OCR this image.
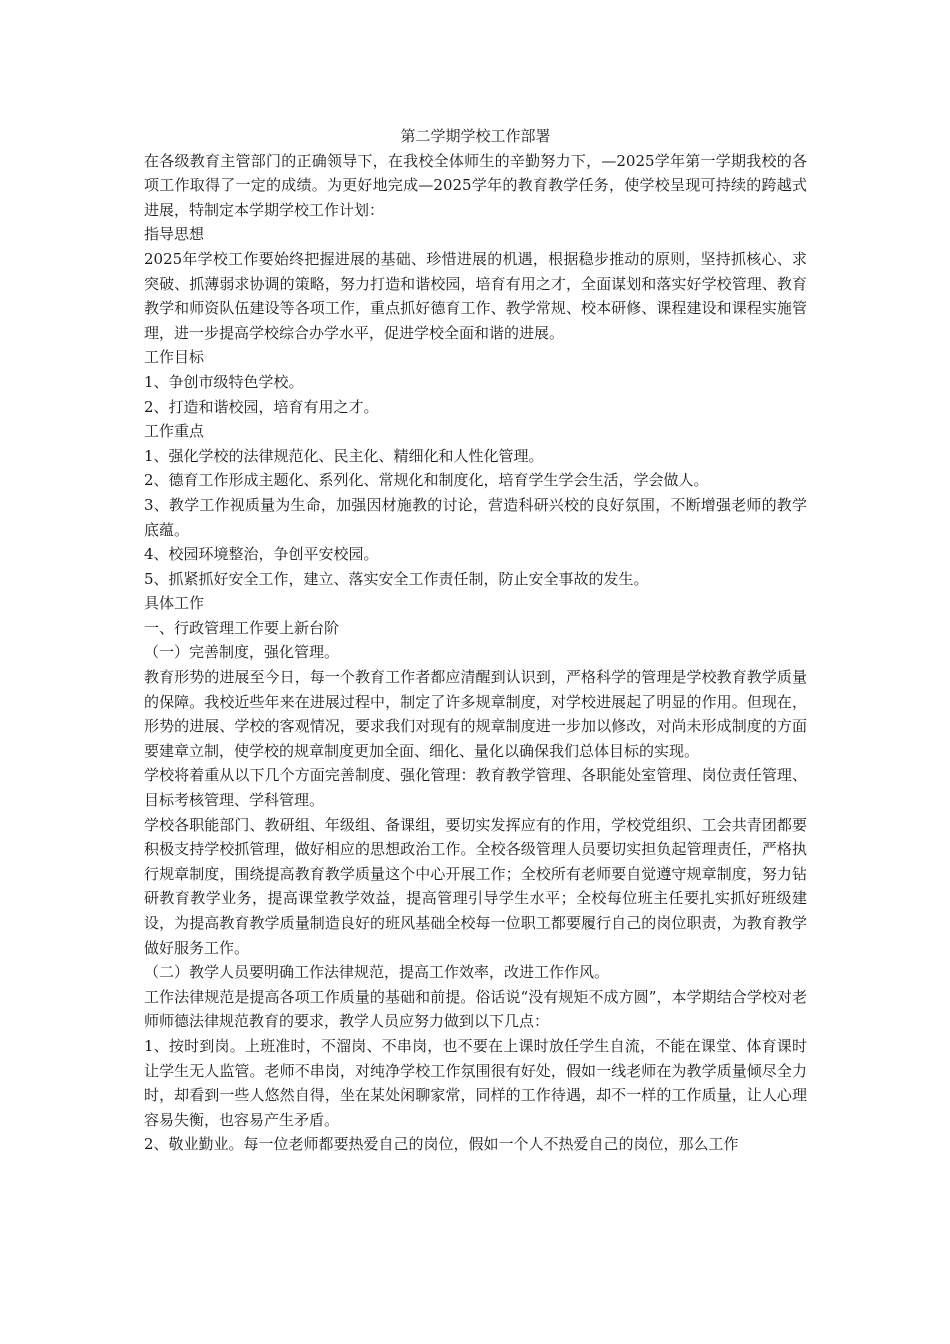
第二学期学校工作部署

在各级教育主管部门的正确领导下，在我校全体师生的辛勤努力下，—2025学年第一学期我校的各项工作取得了一定的成绩。为更好地完成—2025学年的教育教学任务，使学校呈现可持续的跨越式进展，特制定本学期学校工作计划：

指导思想

2025年学校工作要始终把握进展的基础、珍惜进展的机遇，根据稳步推动的原则，坚持抓核心、求突破、抓薄弱求协调的策略，努力打造和谐校园，培育有用之才，全面谋划和落实好学校管理、教育教学和师资队伍建设等各项工作，重点抓好德育工作、教学常规、校本研修、课程建设和课程实施管理，进一步提高学校综合办学水平，促进学校全面和谐的进展。

工作目标

1、争创市级特色学校。

2、打造和谐校园，培育有用之才。

工作重点

1、强化学校的法律规范化、民主化、精细化和人性化管理。

2、德育工作形成主题化、系列化、常规化和制度化，培育学生学会生活，学会做人。

3、教学工作视质量为生命，加强因材施教的讨论，营造科研兴校的良好氛围，不断增强老师的教学底蕴。

4、校园环境整治，争创平安校园。

5、抓紧抓好安全工作，建立、落实安全工作责任制，防止安全事故的发生。

具体工作

一、行政管理工作要上新台阶

（一）完善制度，强化管理。

教育形势的进展至今日，每一个教育工作者都应清醒到认识到，严格科学的管理是学校教育教学质量的保障。我校近些年来在进展过程中，制定了许多规章制度，对学校进展起了明显的作用。但现在，形势的进展、学校的客观情况，要求我们对现有的规章制度进一步加以修改，对尚未形成制度的方面要建章立制，使学校的规章制度更加全面、细化、量化以确保我们总体目标的实现。

学校将着重从以下几个方面完善制度、强化管理：教育教学管理、各职能处室管理、岗位责任管理、目标考核管理、学科管理。

学校各职能部门、教研组、年级组、备课组，要切实发挥应有的作用，学校党组织、工会共青团都要积极支持学校抓管理，做好相应的思想政治工作。全校各级管理人员要切实担负起管理责任，严格执行规章制度，围绕提高教育教学质量这个中心开展工作；全校所有老师要自觉遵守规章制度，努力钻研教育教学业务，提高课堂教学效益，提高管理引导学生水平；全校每位班主任要扎实抓好班级建设，为提高教育教学质量制造良好的班风基础全校每一位职工都要履行自己的岗位职责，为教育教学做好服务工作。

（二）教学人员要明确工作法律规范，提高工作效率，改进工作作风。

工作法律规范是提高各项工作质量的基础和前提。俗话说“没有规矩不成方圆”，本学期结合学校对老师师德法律规范教育的要求，教学人员应努力做到以下几点：

1、按时到岗。上班准时，不溜岗、不串岗，也不要在上课时放任学生自流，不能在课堂、体育课时让学生无人监管。老师不串岗，对纯净学校工作氛围很有好处，假如一线老师在为教学质量倾尽全力时，却看到一些人悠然自得，坐在某处闲聊家常，同样的工作待遇，却不一样的工作质量，让人心理容易失衡，也容易产生矛盾。

2、敬业勤业。每一位老师都要热爱自己的岗位，假如一个人不热爱自己的岗位，那么工作
